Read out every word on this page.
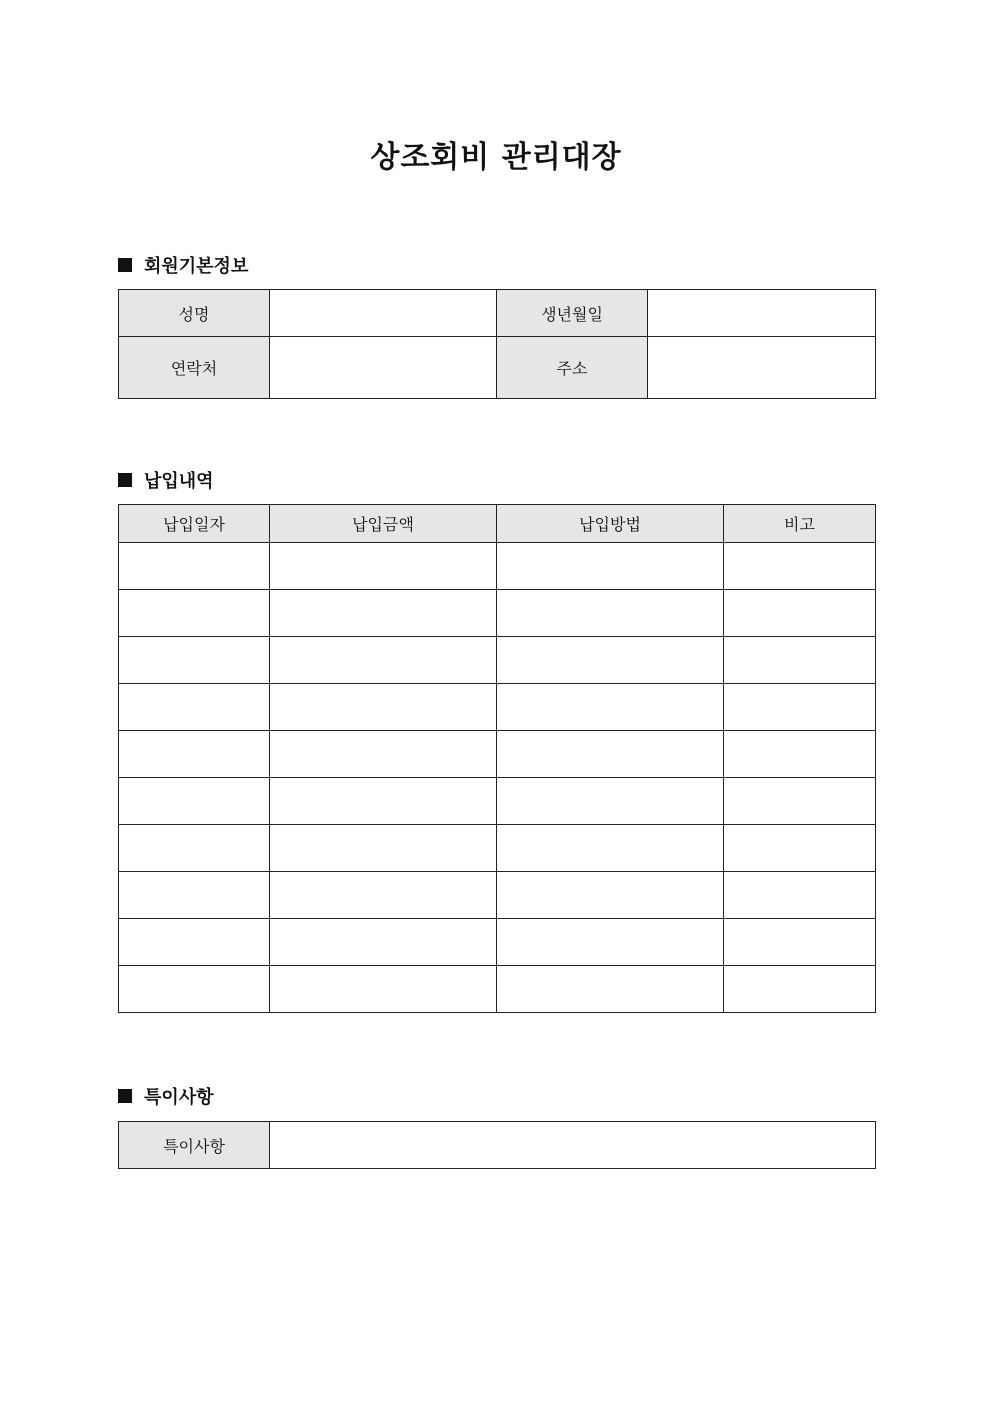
상조회비 관리대장
회원기본정보
성명		생년월일	
연락처		주소	
납입내역
납입일자	납입금액	납입방법	비고

특이사항
특이사항	
